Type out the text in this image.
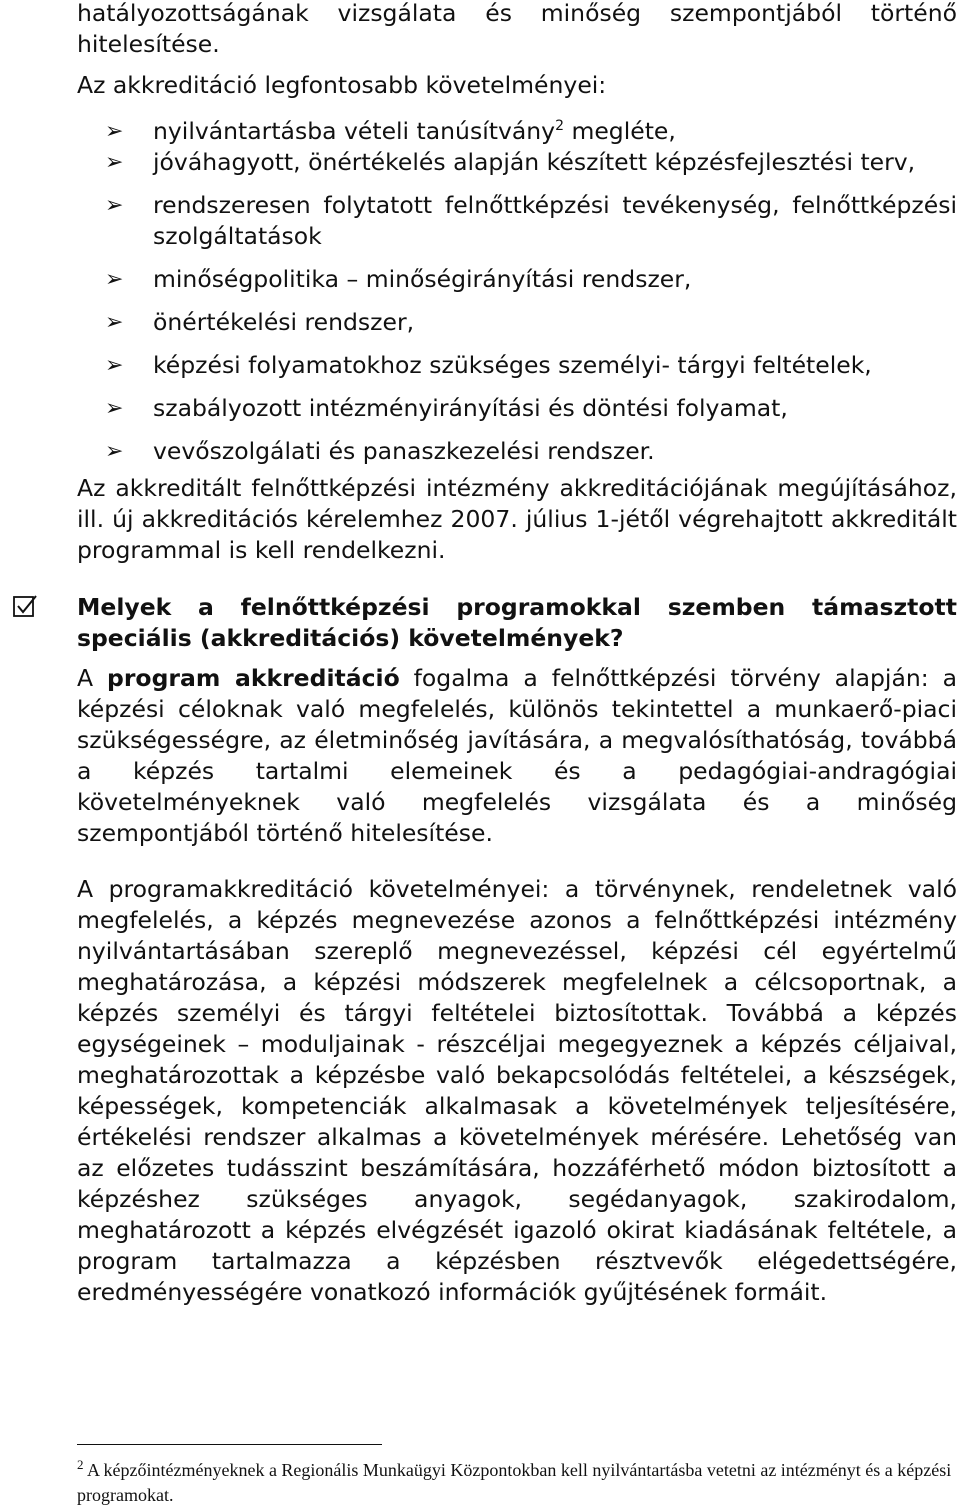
hatályozottságának vizsgálata és minőség szempontjából történő hitelesítése.

Az akkreditáció legfontosabb követelményei:

➢	nyilvántartásba vételi tanúsítvány$^2$ megléte,
➢	jóváhagyott, önértékelés alapján készített képzésfejlesztési terv,
➢	rendszeresen folytatott felnőttképzési tevékenység, felnőttképzési szolgáltatások
➢	minőségpolitika – minőségirányítási rendszer,
➢	önértékelési rendszer,
➢	képzési folyamatokhoz szükséges személyi- tárgyi feltételek,
➢	szabályozott intézményirányítási és döntési folyamat,
➢	vevőszolgálati és panaszkezelési rendszer.

Az akkreditált felnőttképzési intézmény akkreditációjának megújításához, ill. új akkreditációs kérelemhez 2007. július 1-jétől végrehajtott akkreditált programmal is kell rendelkezni.

Melyek a felnőttképzési programokkal szemben támasztott speciális (akkreditációs) követelmények?

A program akkreditáció fogalma a felnőttképzési törvény alapján: a képzési céloknak való megfelelés, különös tekintettel a munkaerő-piaci szükségességre, az életminőség javítására, a megvalósíthatóság, továbbá a képzés tartalmi elemeinek és a pedagógiai-andragógiai követelményeknek való megfelelés vizsgálata és a minőség szempontjából történő hitelesítése.

A programakkreditáció követelményei: a törvénynek, rendeletnek való megfelelés, a képzés megnevezése azonos a felnőttképzési intézmény nyilvántartásában szereplő megnevezéssel, képzési cél egyértelmű meghatározása, a képzési módszerek megfelelnek a célcsoportnak, a képzés személyi és tárgyi feltételei biztosítottak. Továbbá a képzés egységeinek – moduljainak - részcéljai megegyeznek a képzés céljaival, meghatározottak a képzésbe való bekapcsolódás feltételei, a készségek, képességek, kompetenciák alkalmasak a követelmények teljesítésére, értékelési rendszer alkalmas a követelmények mérésére. Lehetőség van az előzetes tudásszint beszámítására, hozzáférhető módon biztosított a képzéshez szükséges anyagok, segédanyagok, szakirodalom, meghatározott a képzés elvégzését igazoló okirat kiadásának feltétele, a program tartalmazza a képzésben résztvevők elégedettségére, eredményességére vonatkozó információk gyűjtésének formáit.

$^2$ A képzőintézményeknek a Regionális Munkaügyi Központokban kell nyilvántartásba vetetni az intézményt és a képzési programokat.
